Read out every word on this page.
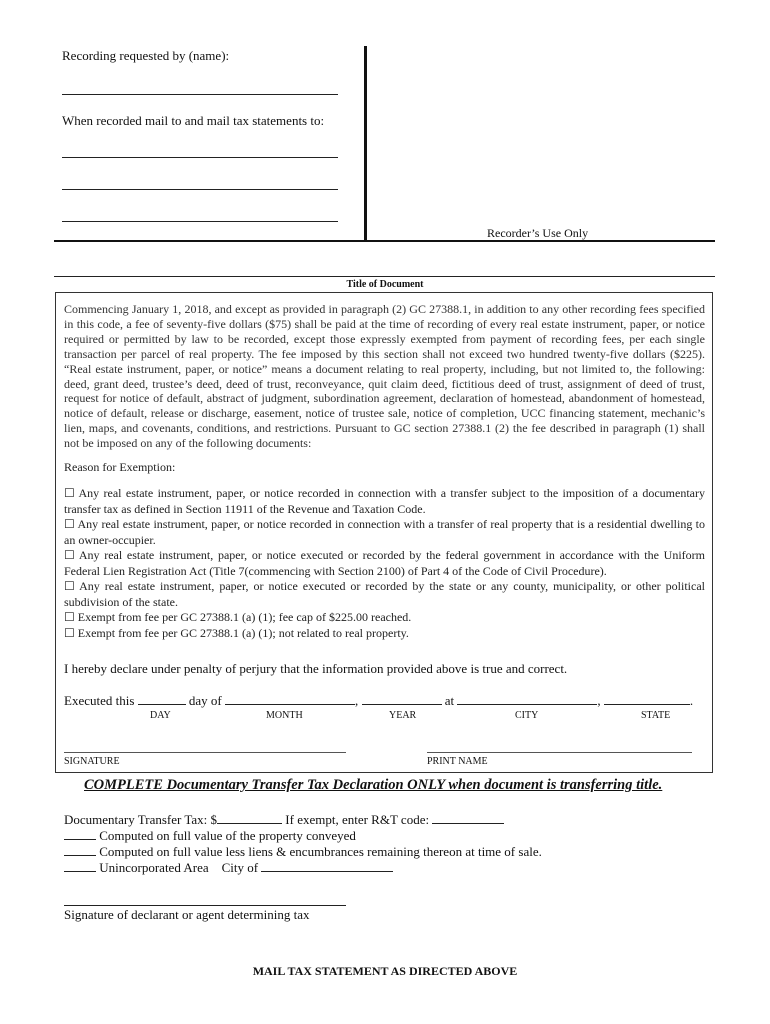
Recording requested by (name):
When recorded mail to and mail tax statements to:
Recorder’s Use Only
Title of Document
Commencing January 1, 2018, and except as provided in paragraph (2) GC 27388.1, in addition to any other recording fees specified in this code, a fee of seventy-five dollars ($75) shall be paid at the time of recording of every real estate instrument, paper, or notice required or permitted by law to be recorded, except those expressly exempted from payment of recording fees, per each single transaction per parcel of real property. The fee imposed by this section shall not exceed two hundred twenty-five dollars ($225). “Real estate instrument, paper, or notice” means a document relating to real property, including, but not limited to, the following: deed, grant deed, trustee’s deed, deed of trust, reconveyance, quit claim deed, fictitious deed of trust, assignment of deed of trust, request for notice of default, abstract of judgment, subordination agreement, declaration of homestead, abandonment of homestead, notice of default, release or discharge, easement, notice of trustee sale, notice of completion, UCC financing statement, mechanic’s lien, maps, and covenants, conditions, and restrictions. Pursuant to GC section 27388.1 (2) the fee described in paragraph (1) shall not be imposed on any of the following documents:
Reason for Exemption:

☐ Any real estate instrument, paper, or notice recorded in connection with a transfer subject to the imposition of a documentary transfer tax as defined in Section 11911 of the Revenue and Taxation Code.

☐ Any real estate instrument, paper, or notice recorded in connection with a transfer of real property that is a residential dwelling to an owner-occupier.

☐ Any real estate instrument, paper, or notice executed or recorded by the federal government in accordance with the Uniform Federal Lien Registration Act (Title 7(commencing with Section 2100) of Part 4 of the Code of Civil Procedure).

☐ Any real estate instrument, paper, or notice executed or recorded by the state or any county, municipality, or other political subdivision of the state.

☐ Exempt from fee per GC 27388.1 (a) (1); fee cap of $225.00 reached.

☐ Exempt from fee per GC 27388.1 (a) (1); not related to real property.

I hereby declare under penalty of perjury that the information provided above is true and correct.
Executed this	day of	,	at	,	.
DAY	MONTH	YEAR	CITY	STATE
SIGNATURE	PRINT NAME
COMPLETE Documentary Transfer Tax Declaration ONLY when document is transferring title.
Documentary Transfer Tax: $	If exempt, enter R&T code:
Computed on full value of the property conveyed
Computed on full value less liens & encumbrances remaining thereon at time of sale.
Unincorporated Area City of
Signature of declarant or agent determining tax
MAIL TAX STATEMENT AS DIRECTED ABOVE
